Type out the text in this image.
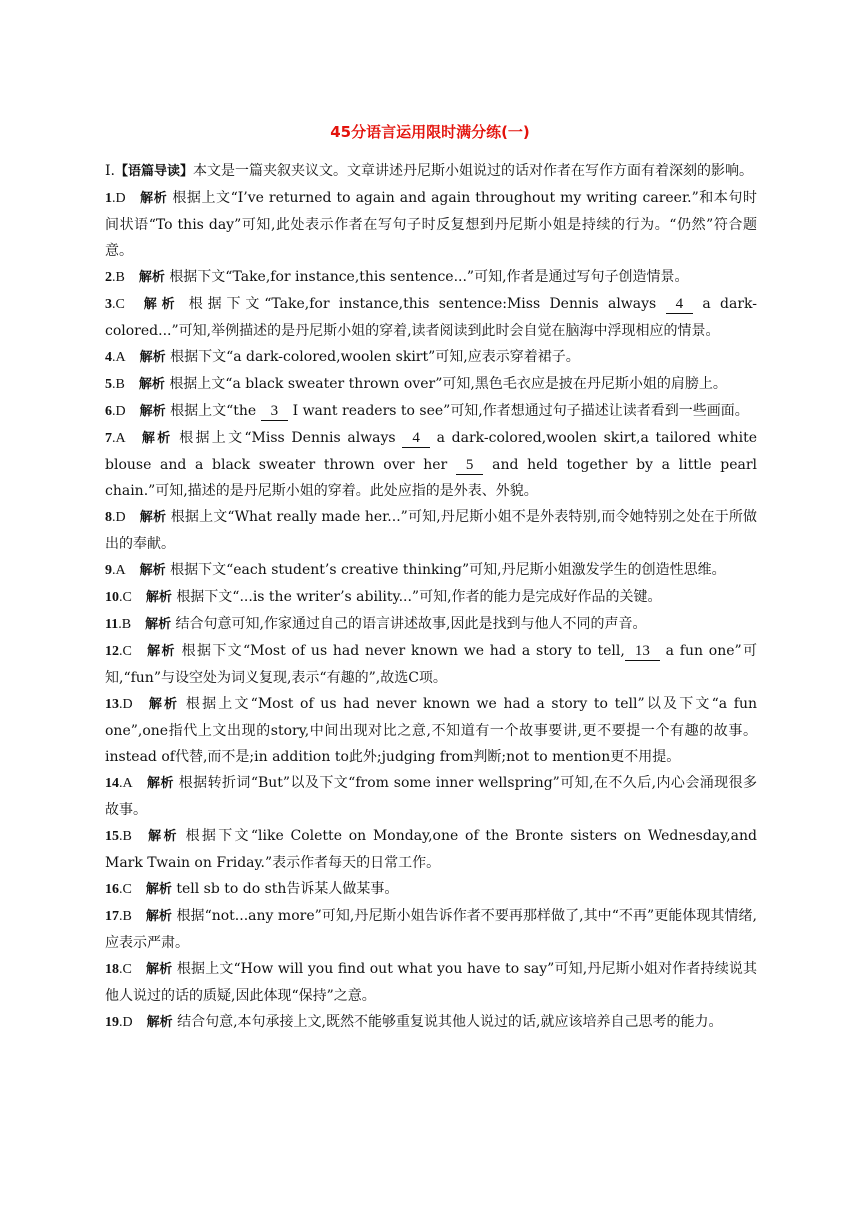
45分语言运用限时满分练(一)

Ⅰ.【语篇导读】本文是一篇夹叙夹议文。文章讲述丹尼斯小姐说过的话对作者在写作方面有着深刻的影响。

1.D  解析 根据上文“I’ve returned to again and again throughout my writing career.”和本句时间状语“To this day”可知,此处表示作者在写句子时反复想到丹尼斯小姐是持续的行为。“仍然”符合题意。

2.B  解析 根据下文“Take,for instance,this sentence...”可知,作者是通过写句子创造情景。

3.C  解析 根据下文“Take,for instance,this sentence:Miss Dennis always 4 a dark-colored...”可知,举例描述的是丹尼斯小姐的穿着,读者阅读到此时会自觉在脑海中浮现相应的情景。

4.A  解析 根据下文“a dark-colored,woolen skirt”可知,应表示穿着裙子。

5.B  解析 根据上文“a black sweater thrown over”可知,黑色毛衣应是披在丹尼斯小姐的肩膀上。

6.D  解析 根据上文“the 3 I want readers to see”可知,作者想通过句子描述让读者看到一些画面。

7.A  解析 根据上文“Miss Dennis always 4 a dark-colored,woolen skirt,a tailored white blouse and a black sweater thrown over her 5 and held together by a little pearl chain.”可知,描述的是丹尼斯小姐的穿着。此处应指的是外表、外貌。

8.D  解析 根据上文“What really made her...”可知,丹尼斯小姐不是外表特别,而令她特别之处在于所做出的奉献。

9.A  解析 根据下文“each student’s creative thinking”可知,丹尼斯小姐激发学生的创造性思维。

10.C  解析 根据下文“...is the writer’s ability...”可知,作者的能力是完成好作品的关键。

11.B  解析 结合句意可知,作家通过自己的语言讲述故事,因此是找到与他人不同的声音。

12.C  解析 根据下文“Most of us had never known we had a story to tell, 13 a fun one”可知,“fun”与设空处为词义复现,表示“有趣的”,故选C项。

13.D  解析 根据上文“Most of us had never known we had a story to tell”以及下文“a fun one”,one指代上文出现的story,中间出现对比之意,不知道有一个故事要讲,更不要提一个有趣的故事。instead of代替,而不是;in addition to此外;judging from判断;not to mention更不用提。

14.A  解析 根据转折词“But”以及下文“from some inner wellspring”可知,在不久后,内心会涌现很多故事。

15.B  解析 根据下文“like Colette on Monday,one of the Bronte sisters on Wednesday,and Mark Twain on Friday.”表示作者每天的日常工作。

16.C  解析 tell sb to do sth告诉某人做某事。

17.B  解析 根据“not...any more”可知,丹尼斯小姐告诉作者不要再那样做了,其中“不再”更能体现其情绪,应表示严肃。

18.C  解析 根据上文“How will you find out what you have to say”可知,丹尼斯小姐对作者持续说其他人说过的话的质疑,因此体现“保持”之意。

19.D  解析 结合句意,本句承接上文,既然不能够重复说其他人说过的话,就应该培养自己思考的能力。
